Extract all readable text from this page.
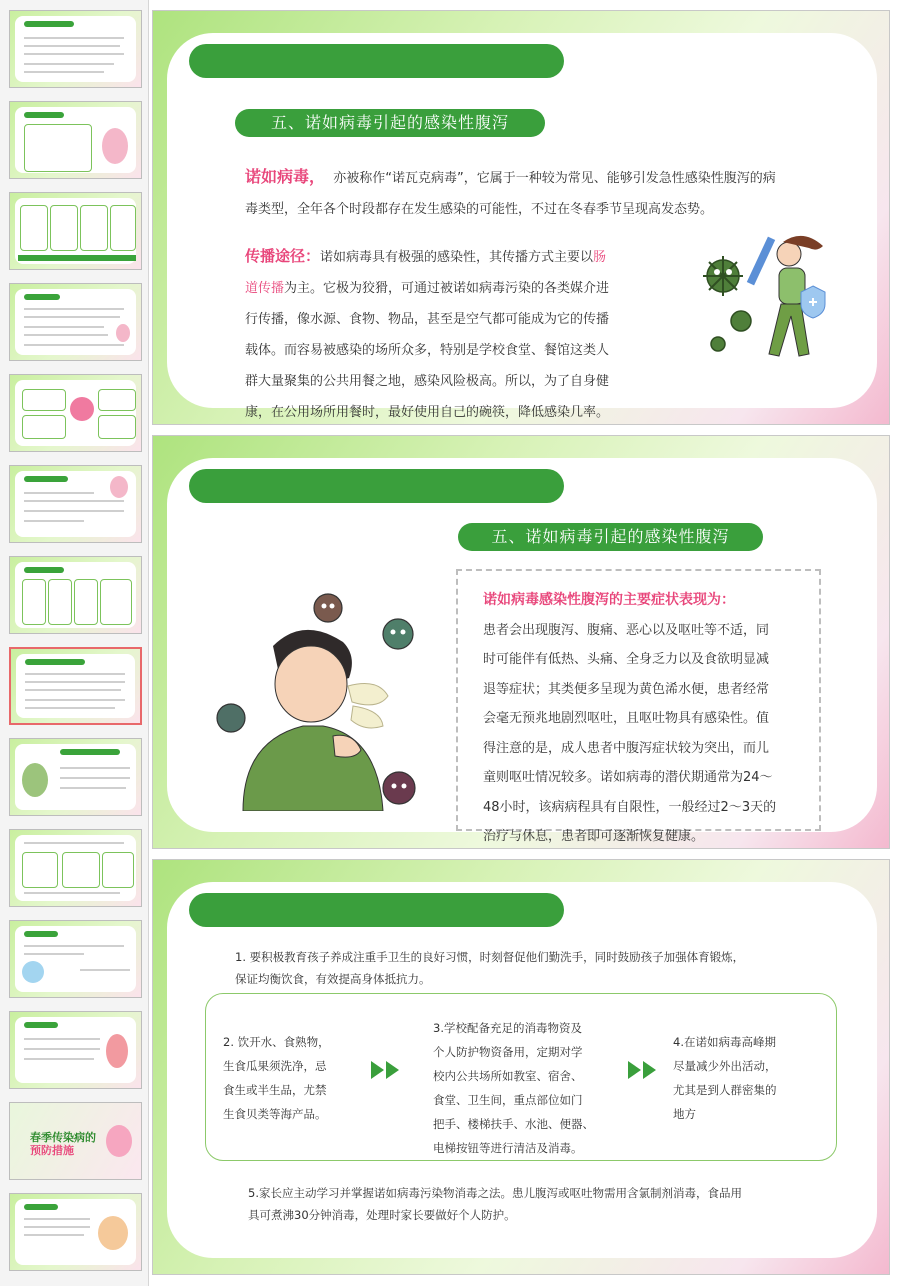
春季传染病的
预防措施
五、诺如病毒引起的感染性腹泻

诺如病毒， 亦被称作“诺瓦克病毒”，它属于一种较为常见、能够引发急性感染性腹泻的病

毒类型，全年各个时段都存在发生感染的可能性，不过在冬春季节呈现高发态势。

传播途径：诺如病毒具有极强的感染性，其传播方式主要以肠

道传播为主。它极为狡猾，可通过被诺如病毒污染的各类媒介进

行传播，像水源、食物、物品，甚至是空气都可能成为它的传播

载体。而容易被感染的场所众多，特别是学校食堂、餐馆这类人

群大量聚集的公共用餐之地，感染风险极高。所以，为了自身健

康，在公用场所用餐时，最好使用自己的碗筷，降低感染几率。

五、诺如病毒引起的感染性腹泻

诺如病毒感染性腹泻的主要症状表现为：

患者会出现腹泻、腹痛、恶心以及呕吐等不适，同

时可能伴有低热、头痛、全身乏力以及食欲明显减

退等症状；其类便多呈现为黄色浠水便，患者经常

会毫无预兆地剧烈呕吐，且呕吐物具有感染性。值

得注意的是，成人患者中腹泻症状较为突出，而儿

童则呕吐情况较多。诺如病毒的潜伏期通常为24～

48小时，该病病程具有自限性，一般经过2～3天的

治疗与休息，患者即可逐渐恢复健康。

1. 要积极教育孩子养成注重手卫生的良好习惯，时刻督促他们勤洗手，同时鼓励孩子加强体育锻炼，
保证均衡饮食，有效提高身体抵抗力。
2. 饮开水、食熟物，
生食瓜果须洗净，忌
食生或半生品，尤禁
生食贝类等海产品。
3.学校配备充足的消毒物资及
个人防护物资备用，定期对学
校内公共场所如教室、宿舍、
食堂、卫生间，重点部位如门
把手、楼梯扶手、水池、便器、
电梯按钮等进行清洁及消毒。
4.在诺如病毒高峰期
尽量减少外出活动，
尤其是到人群密集的
地方
5.家长应主动学习并掌握诺如病毒污染物消毒之法。患儿腹泻或呕吐物需用含氯制剂消毒，食品用
具可煮沸30分钟消毒，处理时家长要做好个人防护。
